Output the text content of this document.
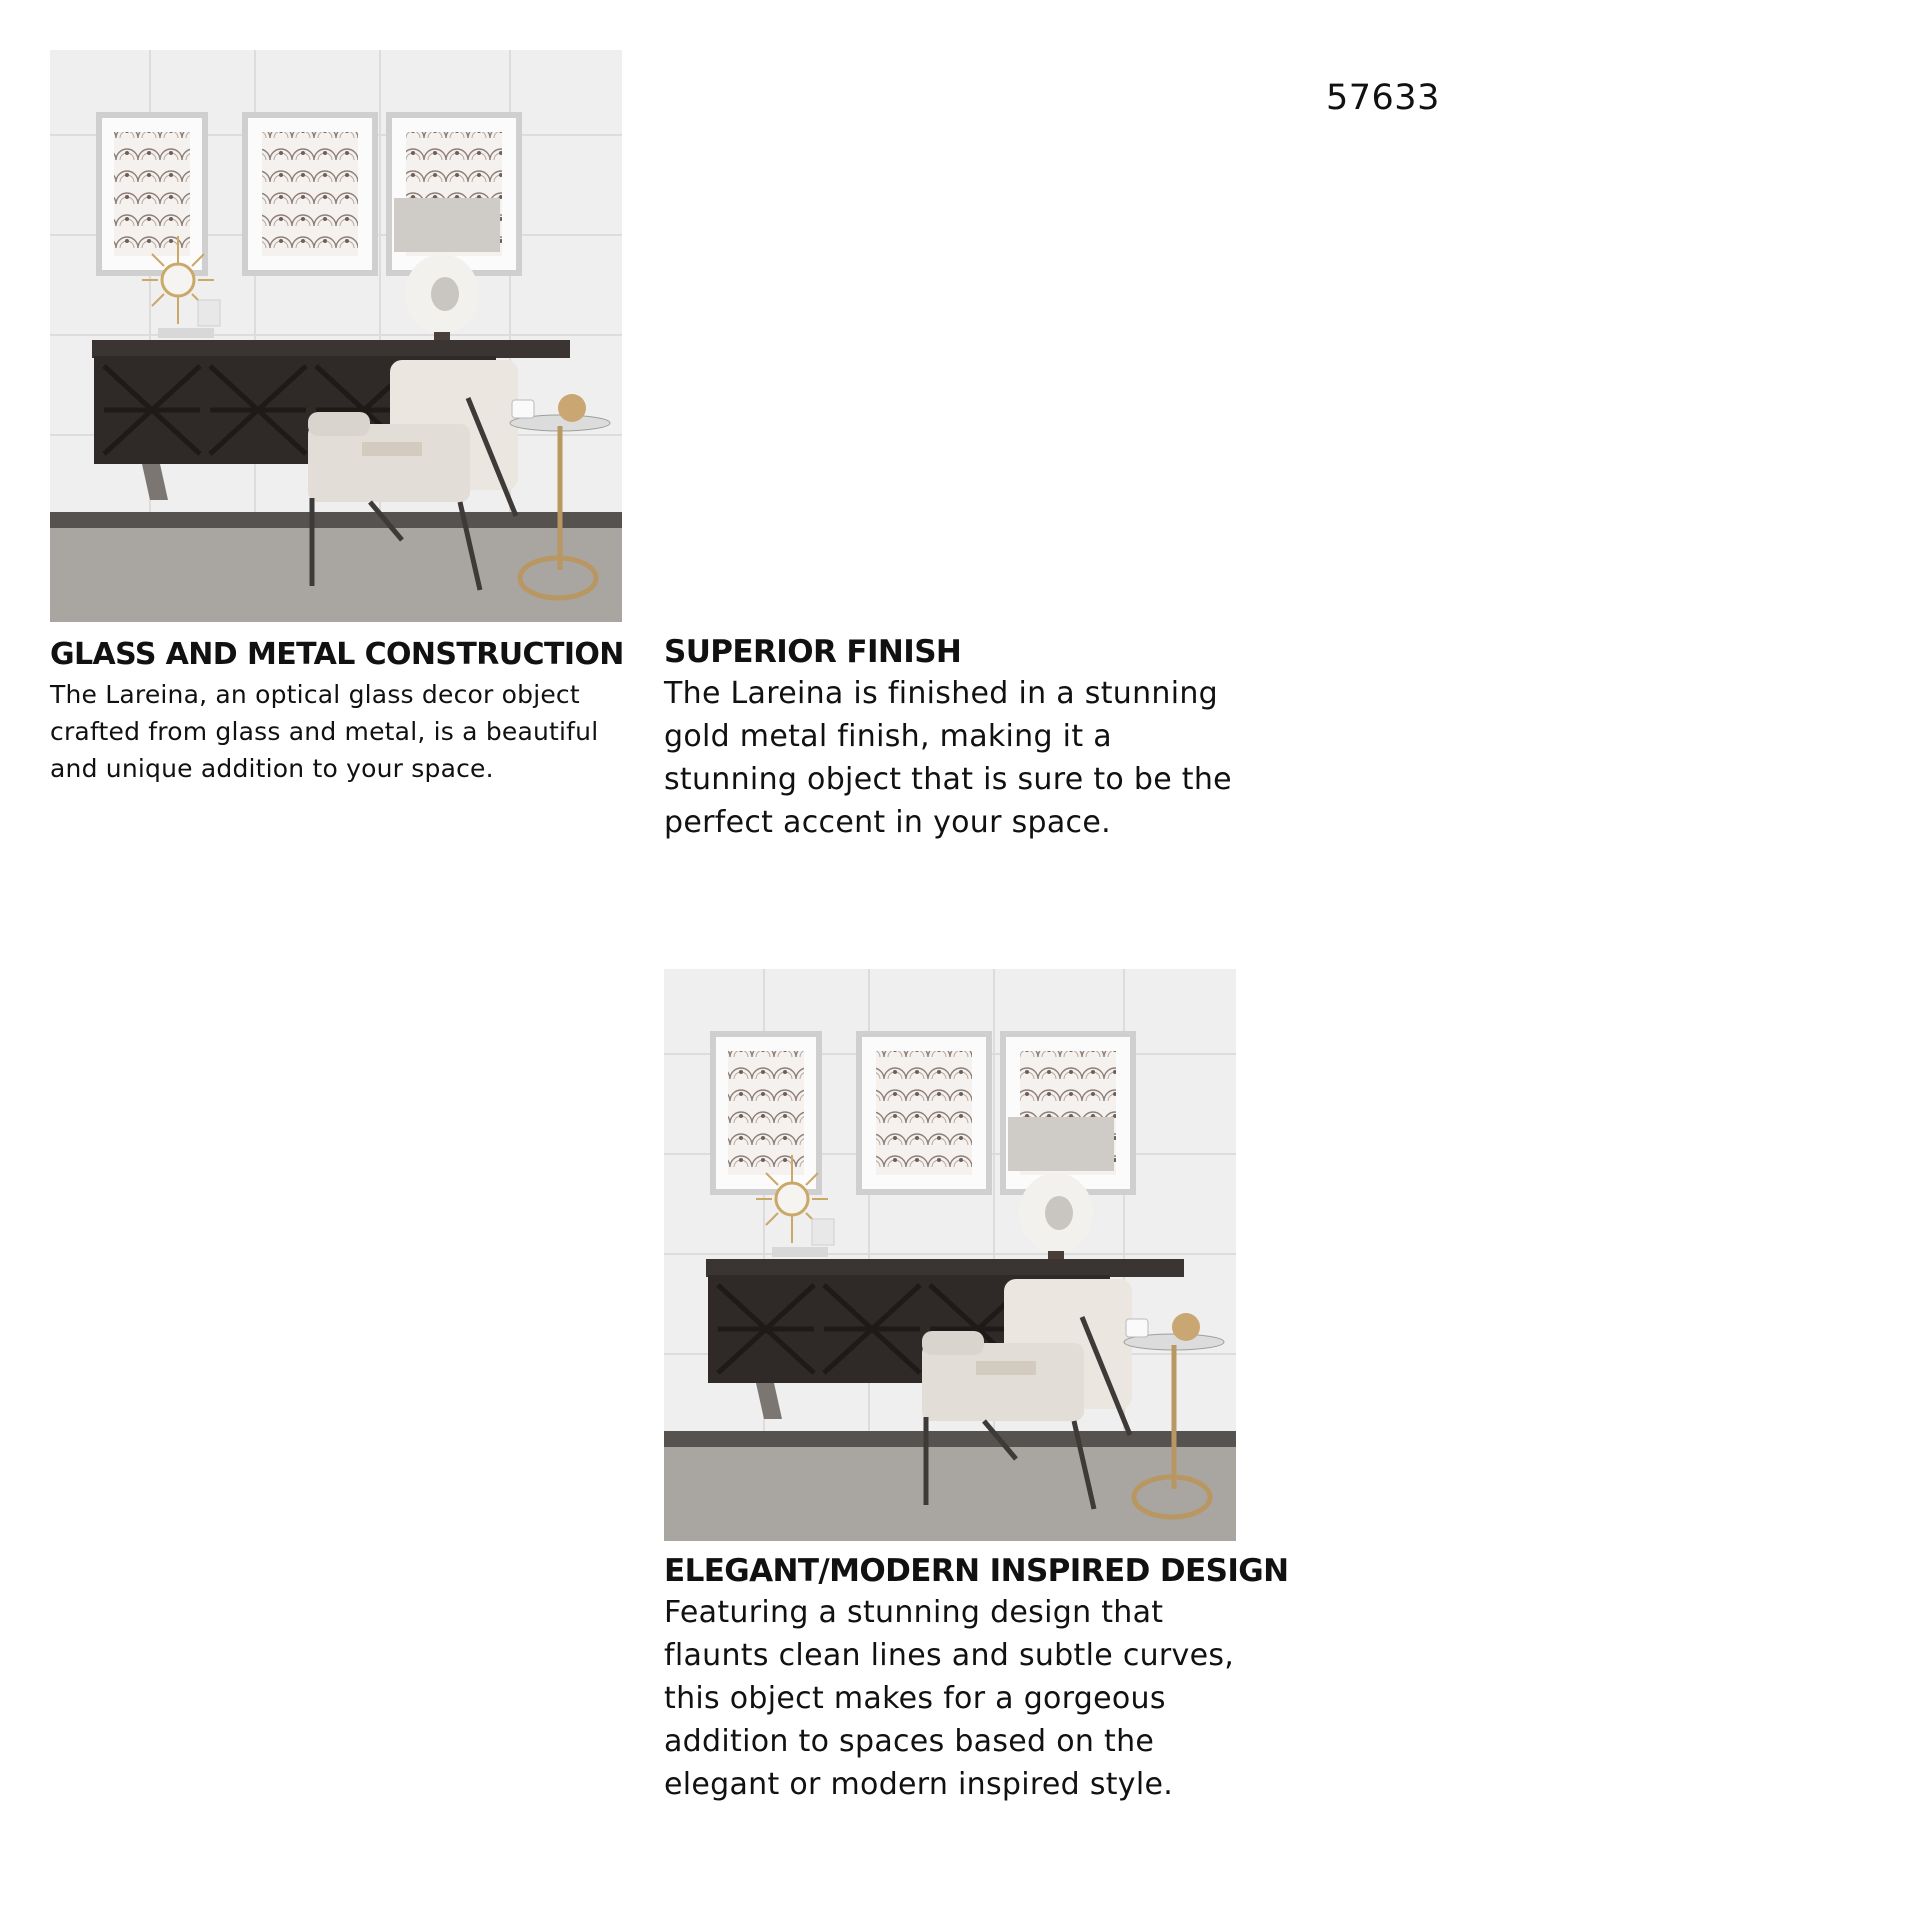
57633
GLASS AND METAL CONSTRUCTION

The Lareina, an optical glass decor object crafted from glass and metal, is a beautiful and unique addition to your space.

SUPERIOR FINISH

The Lareina is finished in a stunning gold metal finish, making it a stunning object that is sure to be the perfect accent in your space.

ELEGANT/MODERN INSPIRED DESIGN

Featuring a stunning design that flaunts clean lines and subtle curves, this object makes for a gorgeous addition to spaces based on the elegant or modern inspired style.
